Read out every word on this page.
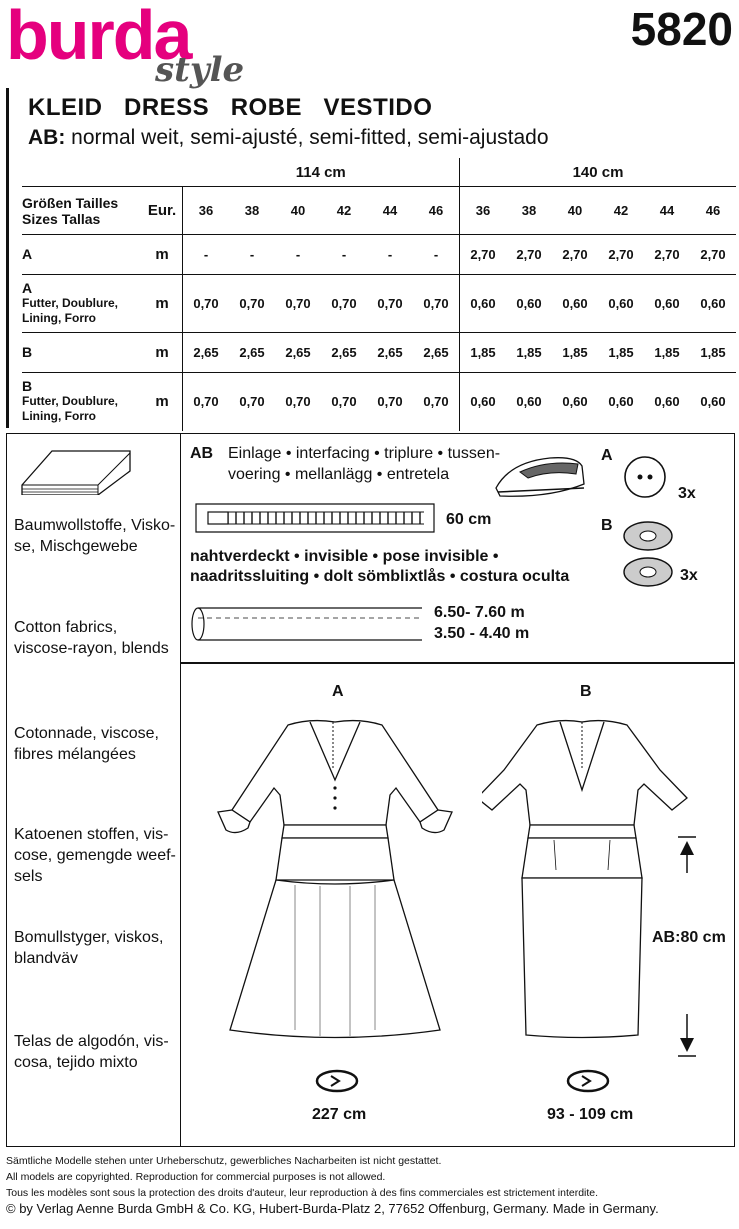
burda
style
5820
KLEID   DRESS   ROBE   VESTIDO
AB: normal weit, semi-ajusté, semi-fitted, semi-ajustado
		114 cm						140 cm					

Größen Tailles
Sizes Tallas	Eur.	36	38	40	42	44	46	36	38	40	42	44	46
A	m	-	-	-	-	-	-	2,70	2,70	2,70	2,70	2,70	2,70

A
Futter, Doublure, Lining, Forro	m	0,70	0,70	0,70	0,70	0,70	0,70	0,60	0,60	0,60	0,60	0,60	0,60
B	m	2,65	2,65	2,65	2,65	2,65	2,65	1,85	1,85	1,85	1,85	1,85	1,85

B
Futter, Doublure, Lining, Forro	m	0,70	0,70	0,70	0,70	0,70	0,70	0,60	0,60	0,60	0,60	0,60	0,60
Baumwollstoffe, Visko-
se, Mischgewebe
Cotton fabrics,
viscose-rayon, blends
Cotonnade, viscose,
fibres mélangées
Katoenen stoffen, vis-
cose, gemengde weef-
sels
Bomullstyger, viskos,
blandväv
Telas de algodón, vis-
cosa, tejido mixto
AB Einlage • interfacing • triplure • tussen-
voering • mellanlägg • entretela
60 cm
nahtverdeckt • invisible • pose invisible •
naadritssluiting • dolt sömblixtlås • costura oculta
6.50- 7.60 m
3.50 - 4.40 m
A
3x
B
3x
A	B
AB:80 cm
227 cm	93 - 109 cm
Sämtliche Modelle stehen unter Urheberschutz, gewerbliches Nacharbeiten ist nicht gestattet.
All models are copyrighted. Reproduction for commercial purposes is not allowed.
Tous les modèles sont sous la protection des droits d'auteur, leur reproduction à des fins commerciales est strictement interdite.
© by Verlag Aenne Burda GmbH & Co. KG, Hubert-Burda-Platz 2, 77652 Offenburg, Germany. Made in Germany.
